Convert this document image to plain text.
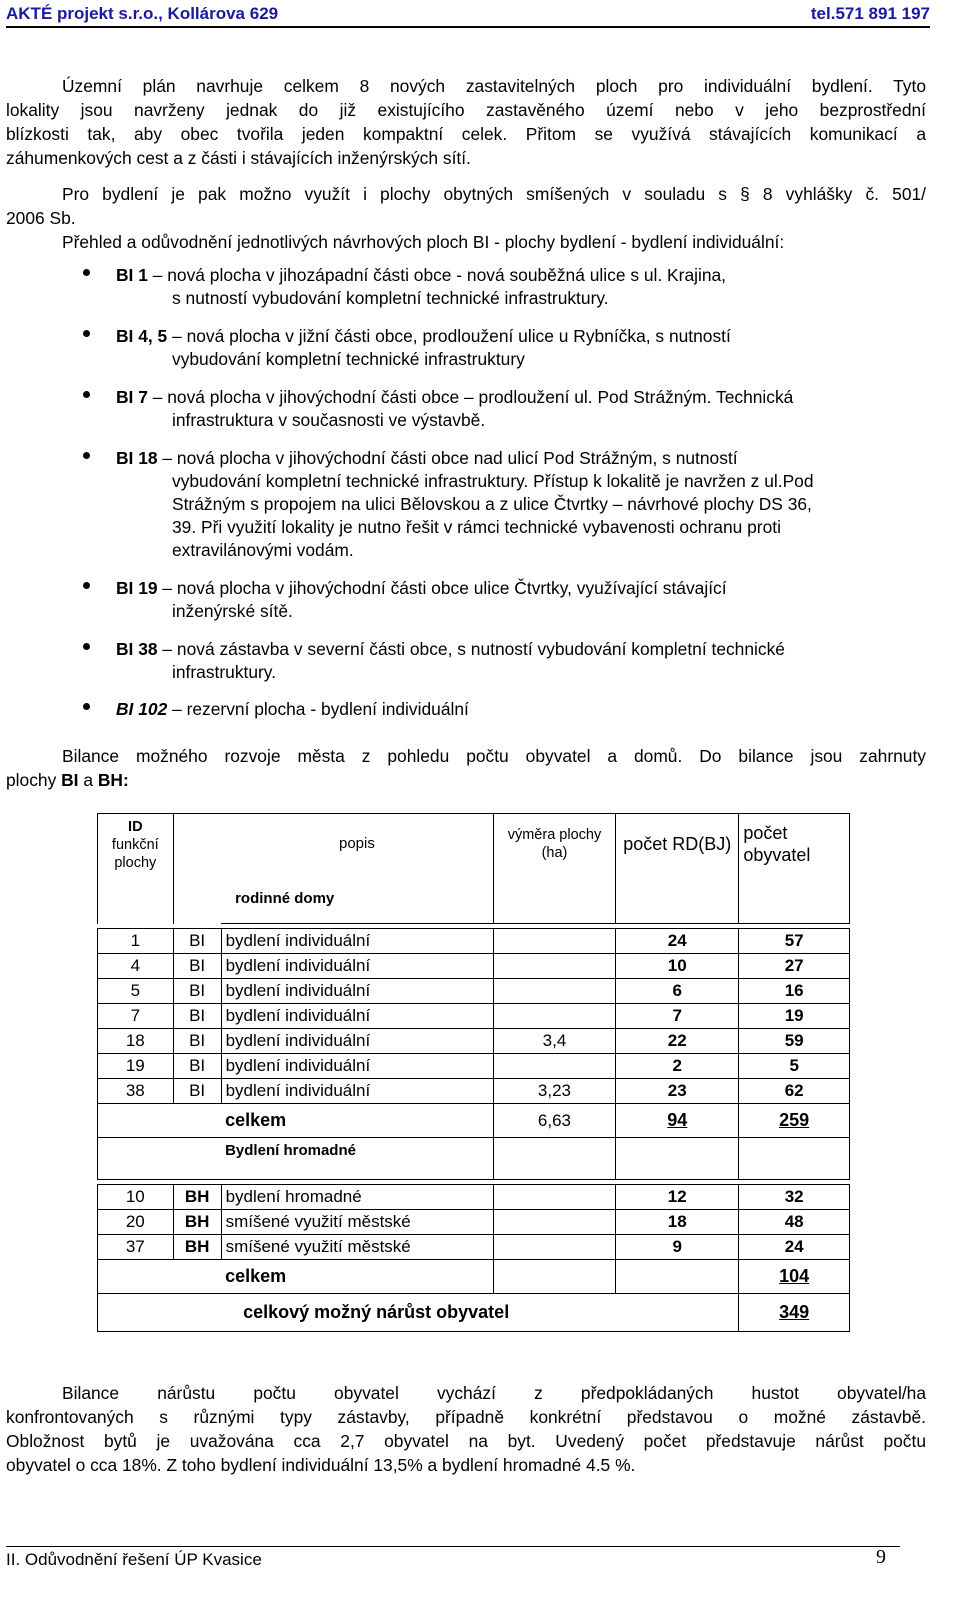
AKTÉ projekt s.r.o., Kollárova 629	tel.571 891 197
Územní plán navrhuje celkem 8 nových zastavitelných ploch pro individuální bydlení. Tyto
lokality jsou navrženy jednak do již existujícího zastavěného území nebo v jeho bezprostřední
blízkosti tak, aby obec tvořila jeden kompaktní celek. Přitom se využívá stávajících komunikací a
záhumenkových cest a z části i stávajících inženýrských sítí.
Pro bydlení je pak možno využít i plochy obytných smíšených v souladu s § 8 vyhlášky č. 501/
2006 Sb.
Přehled a odůvodnění jednotlivých návrhových ploch BI - plochy bydlení - bydlení individuální:
BI 1 – nová plocha v jihozápadní části obce - nová souběžná ulice s ul. Krajina,
s nutností vybudování kompletní technické infrastruktury.
BI 4, 5 – nová plocha v jižní části obce, prodloužení ulice u Rybníčka, s nutností
vybudování kompletní technické infrastruktury
BI 7 – nová plocha v jihovýchodní části obce – prodloužení ul. Pod Strážným. Technická
infrastruktura v současnosti ve výstavbě.
BI 18 – nová plocha v jihovýchodní části obce nad ulicí Pod Strážným, s nutností
vybudování kompletní technické infrastruktury. Přístup k lokalitě je navržen z ul.Pod
Strážným s propojem na ulici Bělovskou a z ulice Čtvrtky – návrhové plochy DS 36,
39. Při využití lokality je nutno řešit v rámci technické vybavenosti ochranu proti
extravilánovými vodám.
BI 19 – nová plocha v jihovýchodní části obce ulice Čtvrtky, využívající stávající
inženýrské sítě.
BI 38 – nová zástavba v severní části obce, s nutností vybudování kompletní technické
infrastruktury.
BI 102 – rezervní plocha - bydlení individuální
Bilance možného rozvoje města z pohledu počtu obyvatel a domů. Do bilance jsou zahrnuty
plochy BI a BH:
ID
funkční
plochy		popis	výměra plochy (ha)	počet RD(BJ)	počet obyvatel
		rodinné domy			

1	BI	bydlení individuální		24	57
4	BI	bydlení individuální		10	27
5	BI	bydlení individuální		6	16
7	BI	bydlení individuální		7	19
18	BI	bydlení individuální	3,4	22	59
19	BI	bydlení individuální		2	5
38	BI	bydlení individuální	3,23	23	62
		celkem	6,63	94	259
		Bydlení hromadné			

10	BH	bydlení hromadné		12	32
20	BH	smíšené využití městské		18	48
37	BH	smíšené využití městské		9	24
		celkem			104
		celkový možný nárůst obyvatel			349
Bilance nárůstu počtu obyvatel vychází z předpokládaných hustot obyvatel/ha
konfrontovaných s různými typy zástavby, případně konkrétní představou o možné zástavbě.
Obložnost bytů je uvažována cca 2,7 obyvatel na byt. Uvedený počet představuje nárůst počtu
obyvatel o cca 18%. Z toho bydlení individuální 13,5% a bydlení hromadné 4.5 %.
II. Odůvodnění řešení ÚP Kvasice	9
